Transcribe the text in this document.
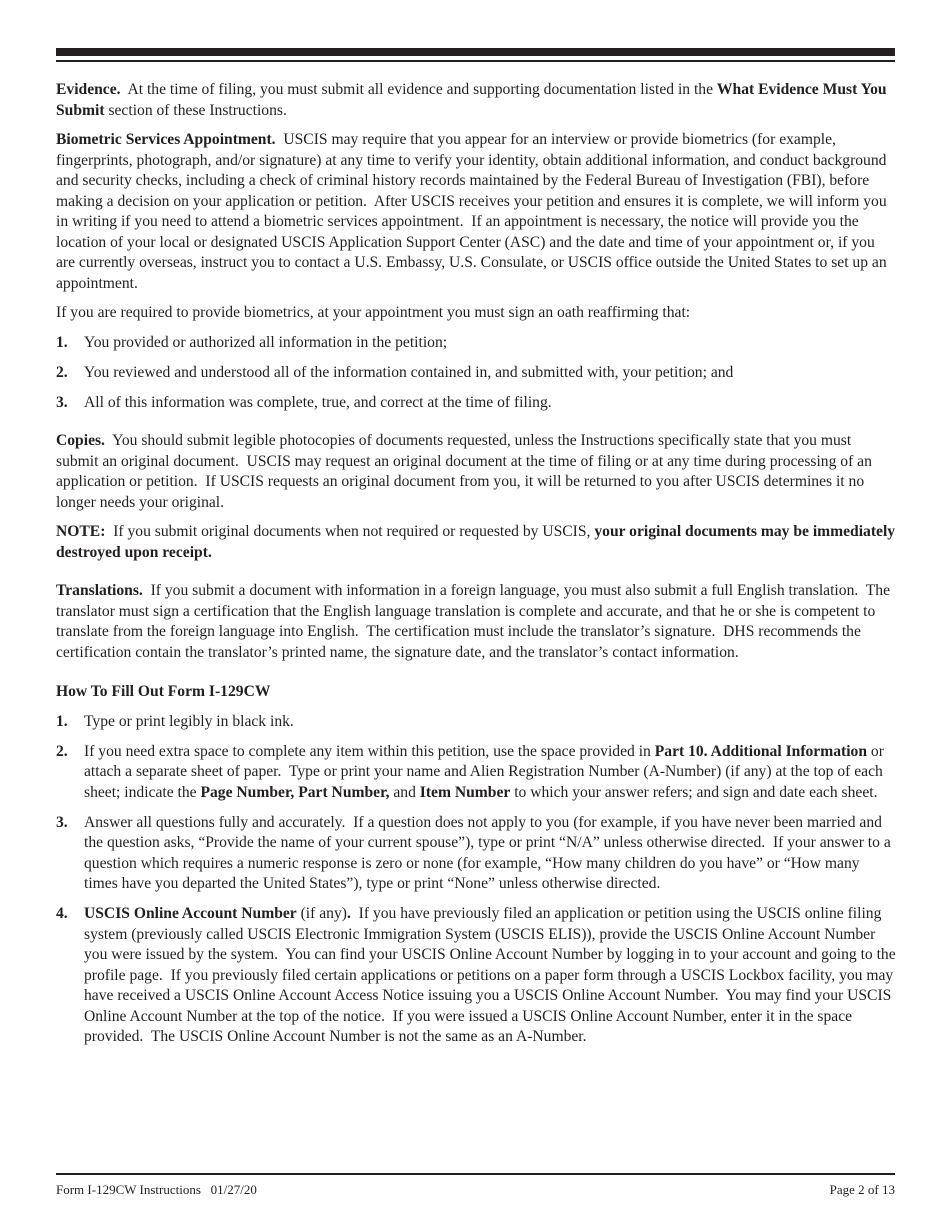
Evidence.  At the time of filing, you must submit all evidence and supporting documentation listed in the What Evidence Must You Submit section of these Instructions.

Biometric Services Appointment.  USCIS may require that you appear for an interview or provide biometrics (for example, fingerprints, photograph, and/or signature) at any time to verify your identity, obtain additional information, and conduct background and security checks, including a check of criminal history records maintained by the Federal Bureau of Investigation (FBI), before making a decision on your application or petition.  After USCIS receives your petition and ensures it is complete, we will inform you in writing if you need to attend a biometric services appointment.  If an appointment is necessary, the notice will provide you the location of your local or designated USCIS Application Support Center (ASC) and the date and time of your appointment or, if you are currently overseas, instruct you to contact a U.S. Embassy, U.S. Consulate, or USCIS office outside the United States to set up an appointment.

If you are required to provide biometrics, at your appointment you must sign an oath reaffirming that:

1.	You provided or authorized all information in the petition;
2.	You reviewed and understood all of the information contained in, and submitted with, your petition; and
3.	All of this information was complete, true, and correct at the time of filing.

Copies.  You should submit legible photocopies of documents requested, unless the Instructions specifically state that you must submit an original document.  USCIS may request an original document at the time of filing or at any time during processing of an application or petition.  If USCIS requests an original document from you, it will be returned to you after USCIS determines it no longer needs your original.

NOTE:  If you submit original documents when not required or requested by USCIS, your original documents may be immediately destroyed upon receipt.

Translations.  If you submit a document with information in a foreign language, you must also submit a full English translation.  The translator must sign a certification that the English language translation is complete and accurate, and that he or she is competent to translate from the foreign language into English.  The certification must include the translator’s signature.  DHS recommends the certification contain the translator’s printed name, the signature date, and the translator’s contact information.

How To Fill Out Form I-129CW

1.	Type or print legibly in black ink.
2.	If you need extra space to complete any item within this petition, use the space provided in Part 10. Additional Information or attach a separate sheet of paper.  Type or print your name and Alien Registration Number (A-Number) (if any) at the top of each sheet; indicate the Page Number, Part Number, and Item Number to which your answer refers; and sign and date each sheet.
3.	Answer all questions fully and accurately.  If a question does not apply to you (for example, if you have never been married and the question asks, “Provide the name of your current spouse”), type or print “N/A” unless otherwise directed.  If your answer to a question which requires a numeric response is zero or none (for example, “How many children do you have” or “How many times have you departed the United States”), type or print “None” unless otherwise directed.
4.	USCIS Online Account Number (if any).  If you have previously filed an application or petition using the USCIS online filing system (previously called USCIS Electronic Immigration System (USCIS ELIS)), provide the USCIS Online Account Number you were issued by the system.  You can find your USCIS Online Account Number by logging in to your account and going to the profile page.  If you previously filed certain applications or petitions on a paper form through a USCIS Lockbox facility, you may have received a USCIS Online Account Access Notice issuing you a USCIS Online Account Number.  You may find your USCIS Online Account Number at the top of the notice.  If you were issued a USCIS Online Account Number, enter it in the space provided.  The USCIS Online Account Number is not the same as an A-Number.
Form I-129CW Instructions   01/27/20	Page 2 of 13
